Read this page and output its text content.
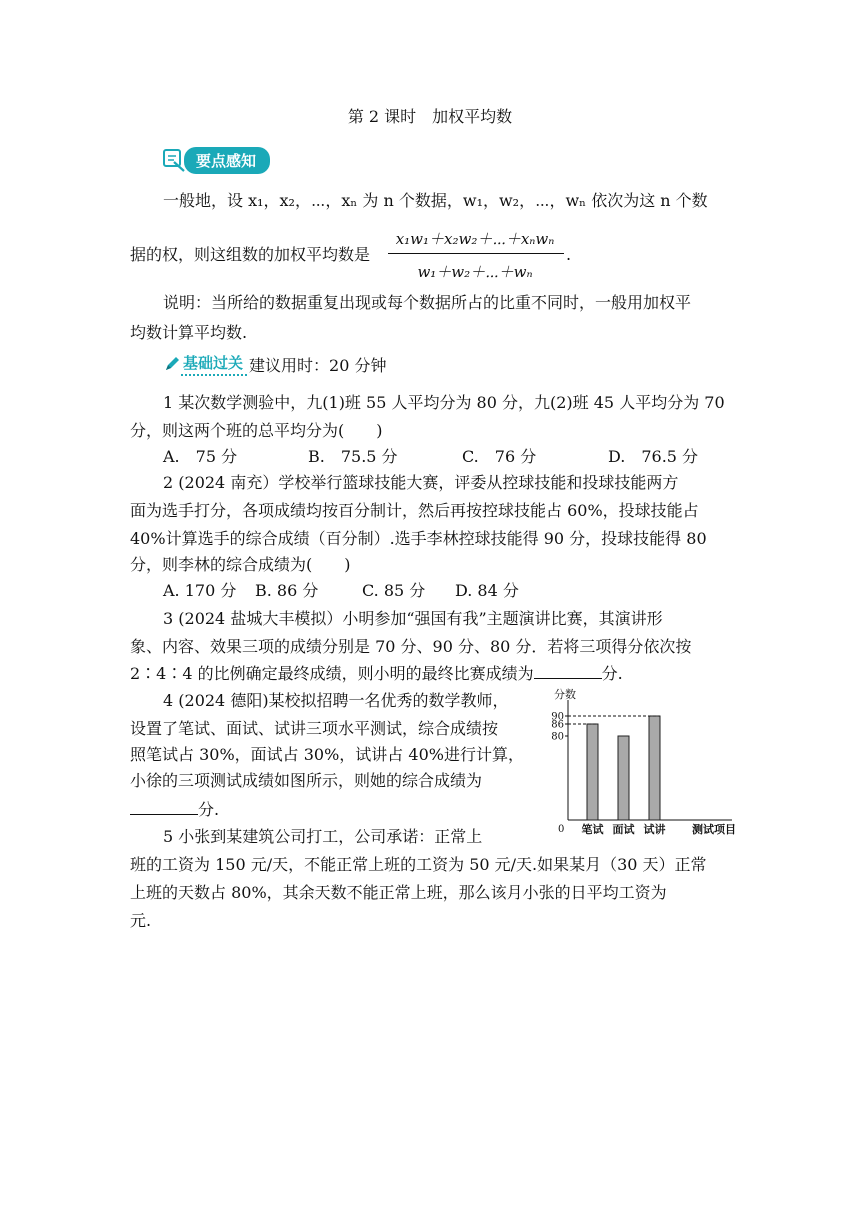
第 2 课时　加权平均数
要点感知
一般地，设 x₁，x₂，⋯，xₙ 为 n 个数据，w₁，w₂，⋯，wₙ 依次为这 n 个数
据的权，则这组数的加权平均数是
x₁w₁＋x₂w₂＋⋯＋xₙwₙ
w₁＋w₂＋⋯＋wₙ
.
说明：当所给的数据重复出现或每个数据所占的比重不同时，一般用加权平
均数计算平均数.
基础过关 建议用时：20 分钟
1 某次数学测验中，九(1)班 55 人平均分为 80 分，九(2)班 45 人平均分为 70
分，则这两个班的总平均分为(　　)
A.　75 分	B.　75.5 分	C.　76 分	D.　76.5 分
2 (2024 南充）学校举行篮球技能大赛，评委从控球技能和投球技能两方
面为选手打分，各项成绩均按百分制计，然后再按控球技能占 60%，投球技能占
40%计算选手的综合成绩（百分制）.选手李林控球技能得 90 分，投球技能得 80
分，则李林的综合成绩为(　　)
A. 170 分 B. 86 分	C. 85 分 D. 84 分
3 (2024 盐城大丰模拟）小明参加“强国有我”主题演讲比赛，其演讲形
象、内容、效果三项的成绩分别是 70 分、90 分、80 分．若将三项得分依次按
2∶4∶4 的比例确定最终成绩，则小明的最终比赛成绩为	分.
4 (2024 德阳)某校拟招聘一名优秀的数学教师，
设置了笔试、面试、试讲三项水平测试，综合成绩按
照笔试占 30%，面试占 30%，试讲占 40%进行计算，
小徐的三项测试成绩如图所示，则她的综合成绩为
分.
分数
0 笔试 面试 试讲
90
86
80
测试项目
5 小张到某建筑公司打工，公司承诺：正常上
班的工资为 150 元/天，不能正常上班的工资为 50 元/天.如果某月（30 天）正常
上班的天数占 80%，其余天数不能正常上班，那么该月小张的日平均工资为
元.
